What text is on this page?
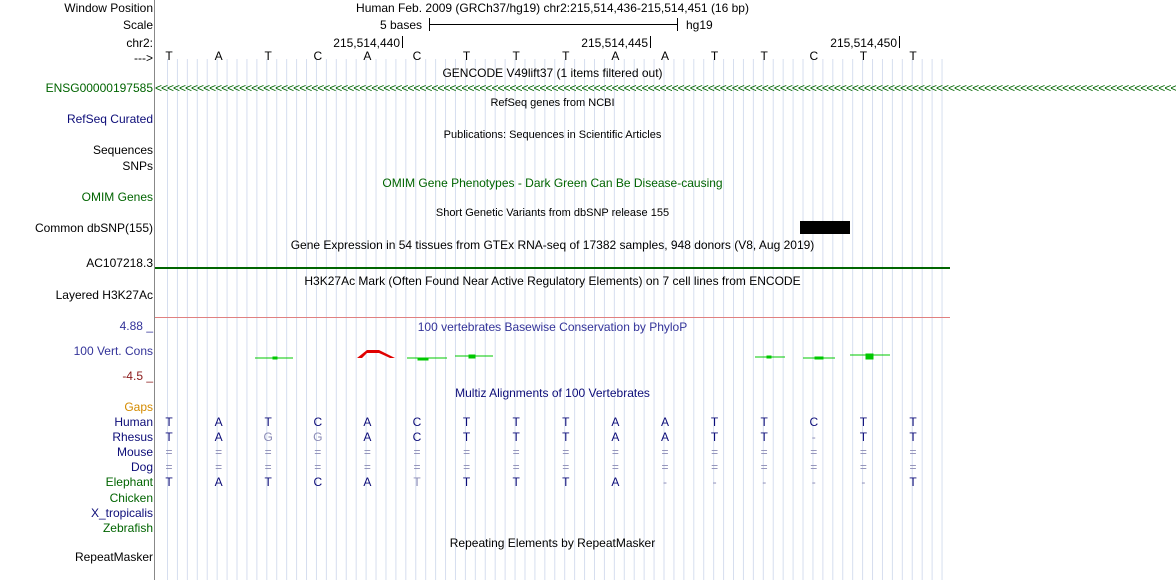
Window Position	Human Feb. 2009 (GRCh37/hg19) chr2:215,514,436-215,514,451 (16 bp)
Scale	5 bases	hg19
chr2:	215,514,440	215,514,445	215,514,450
--->
GENCODE V49lift37 (1 items filtered out)
ENSG00000197585 <<<<<<<<<<<<<<<<<<<<<<<<<<<<<<<<<<<<<<<<<<<<<<<<<<<<<<<<<<<<<<<<<<<<<<<<<<<<<<<<<<<<<<<<<<<<<<<<<<<<<<<<<<<<<<<<<<<<<<<<<<<<<<<<<<<<<<<<<<<<<<<<<<<<<<<<<<<<<<<<<<<<<<<<<<
RefSeq genes from NCBI
RefSeq Curated
Publications: Sequences in Scientific Articles
Sequences
SNPs
OMIM Gene Phenotypes - Dark Green Can Be Disease-causing
OMIM Genes
Short Genetic Variants from dbSNP release 155
Common dbSNP(155)
Gene Expression in 54 tissues from GTEx RNA-seq of 17382 samples, 948 donors (V8, Aug 2019)
AC107218.3
H3K27Ac Mark (Often Found Near Active Regulatory Elements) on 7 cell lines from ENCODE
Layered H3K27Ac
100 vertebrates Basewise Conservation by PhyloP
4.88 _
100 Vert. Cons
-4.5 _
Multiz Alignments of 100 Vertebrates
Gaps
Repeating Elements by RepeatMasker
RepeatMasker
T	A	T	C	A	C	T	T	T	A	A	T	T	C	T	T
Human	T	A	T	C	A	C	T	T	T	A	A	T	T	C	T	T
Rhesus	T	A	G	G	A	C	T	T	T	A	A	T	T	-	T	T
Mouse	=	=	=	=	=	=	=	=	=	=	=	=	=	=	=	=
Dog	=	=	=	=	=	=	=	=	=	=	=	=	=	=	=	=
Elephant	T	A	T	C	A	T	T	T	T	A	-	-	-	-	-	T
Chicken
X_tropicalis
Zebrafish
